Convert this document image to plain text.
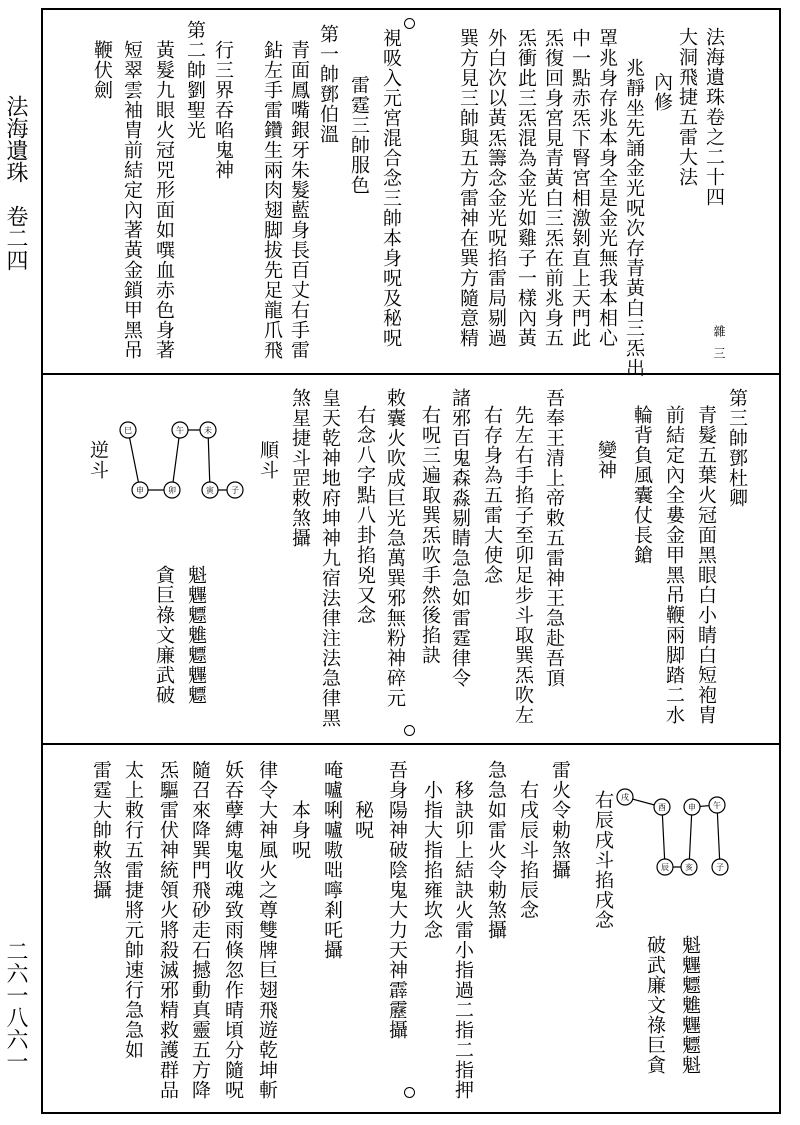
法海遺珠
卷二四
二六一八六一
法海遺珠卷之二十四
雜三
大洞飛捷五雷大法
內修
兆靜坐先誦金光呪次存青黃白三炁出
罩兆身存兆本身全是金光無我本相心
中一點赤炁下腎宮相激剝直上天門此
炁復回身宮見青黃白三炁在前兆身五
炁衝此三炁混為金光如雞子一樣內黃
外白次以黃炁籌念金光呪掐雷局剔過
巽方見三帥與五方雷神在巽方隨意精
視吸入元宮混合念三帥本身呪及秘呪
雷霆三帥服色
第一帥鄧伯溫
青面鳳嘴銀牙朱髮藍身長百丈右手雷
鉆左手雷鑽生兩肉翅脚拔先足龍爪飛
行三界吞啗鬼神
第二帥劉聖光
黃髮九眼火冠兕形面如噀血赤色身著
短翠雲袖胄前結定內著黃金鎖甲黑吊
鞭伏劍
第三帥鄧杜卿
青髮五葉火冠面黑眼白小睛白短袍胄
前結定內全婁金甲黑吊鞭兩脚踏二水
輪背負風囊仗長鎗
變神
吾奉王清上帝敕五雷神王急赴吾頂
先左右手掐子至卯足步斗取巽炁吹左
右存身為五雷大使念
諸邪百鬼森淼剔睛急急如雷霆律令
右呪三遍取巽炁吹手然後掐訣
敕囊火吹成巨光急萬巽邪無粉神碎元
右念八字點八卦掐兇又念
皇天乾神地府坤神九宿法律注法急律黑
煞星捷斗罡敕煞攝
順斗
魁魓魒魋魒魓魒
貪巨祿文廉武破
巳	午	未
申	卯	寅 子
逆斗
右辰戌斗掐戌念
魁魓魒魋魓魒魁
破武廉文祿巨貪
雷火令勅煞攝
右戌辰斗掐辰念
急急如雷火令勅煞攝
移訣卯上結訣火雷小指過二指二指押
小指大指掐雍坎念
吾身陽神破陰鬼大力天神霹靂攝
秘呪
唵嚧唎嚧嗷咄嚀剎吒攝
本身呪
律令大神風火之尊雙牌巨翅飛遊乾坤斬
妖吞孽縛鬼收魂致雨倏忽作晴頃分隨呪
隨召來降巽門飛砂走石撼動真靈五方降
炁驅雷伏神統領火將殺滅邪精救護群品
太上敕行五雷捷將元帥速行急急如
雷霆大帥敕煞攝	戌
酉	申 午
辰 亥	子
